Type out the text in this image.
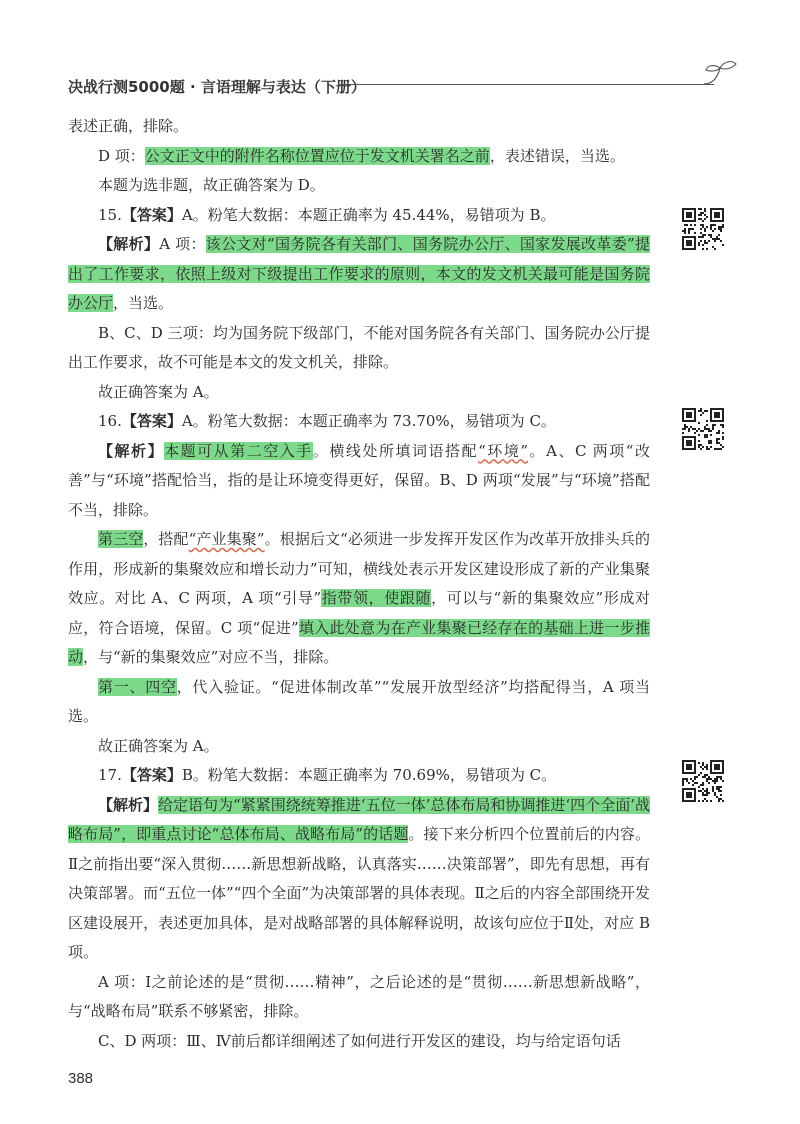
决战行测5000题 · 言语理解与表达（下册）

表述正确，排除。

D 项：公文正文中的附件名称位置应位于发文机关署名之前，表述错误，当选。

本题为选非题，故正确答案为 D。

15.【答案】A。粉笔大数据：本题正确率为 45.44%，易错项为 B。

【解析】A 项：该公文对“国务院各有关部门、国务院办公厅、国家发展改革委”提出了工作要求，依照上级对下级提出工作要求的原则，本文的发文机关最可能是国务院办公厅，当选。

B、C、D 三项：均为国务院下级部门，不能对国务院各有关部门、国务院办公厅提出工作要求，故不可能是本文的发文机关，排除。

故正确答案为 A。

16.【答案】A。粉笔大数据：本题正确率为 73.70%，易错项为 C。

【解析】本题可从第二空入手。横线处所填词语搭配“环境”。A、C 两项“改善”与“环境”搭配恰当，指的是让环境变得更好，保留。B、D 两项“发展”与“环境”搭配不当，排除。

第三空，搭配“产业集聚”。根据后文“必须进一步发挥开发区作为改革开放排头兵的作用，形成新的集聚效应和增长动力”可知，横线处表示开发区建设形成了新的产业集聚效应。对比 A、C 两项，A 项“引导”指带领，使跟随，可以与“新的集聚效应”形成对应，符合语境，保留。C 项“促进”填入此处意为在产业集聚已经存在的基础上进一步推动，与“新的集聚效应”对应不当，排除。

第一、四空，代入验证。“促进体制改革”“发展开放型经济”均搭配得当，A 项当选。

故正确答案为 A。

17.【答案】B。粉笔大数据：本题正确率为 70.69%，易错项为 C。

【解析】给定语句为“紧紧围绕统筹推进‘五位一体’总体布局和协调推进‘四个全面’战略布局”，即重点讨论“总体布局、战略布局”的话题。接下来分析四个位置前后的内容。Ⅱ之前指出要“深入贯彻……新思想新战略，认真落实……决策部署”，即先有思想，再有决策部署。而“五位一体”“四个全面”为决策部署的具体表现。Ⅱ之后的内容全部围绕开发区建设展开，表述更加具体，是对战略部署的具体解释说明，故该句应位于Ⅱ处，对应 B 项。

A 项：Ⅰ之前论述的是“贯彻……精神”，之后论述的是“贯彻……新思想新战略”，与“战略布局”联系不够紧密，排除。

C、D 两项：Ⅲ、Ⅳ前后都详细阐述了如何进行开发区的建设，均与给定语句话

388
